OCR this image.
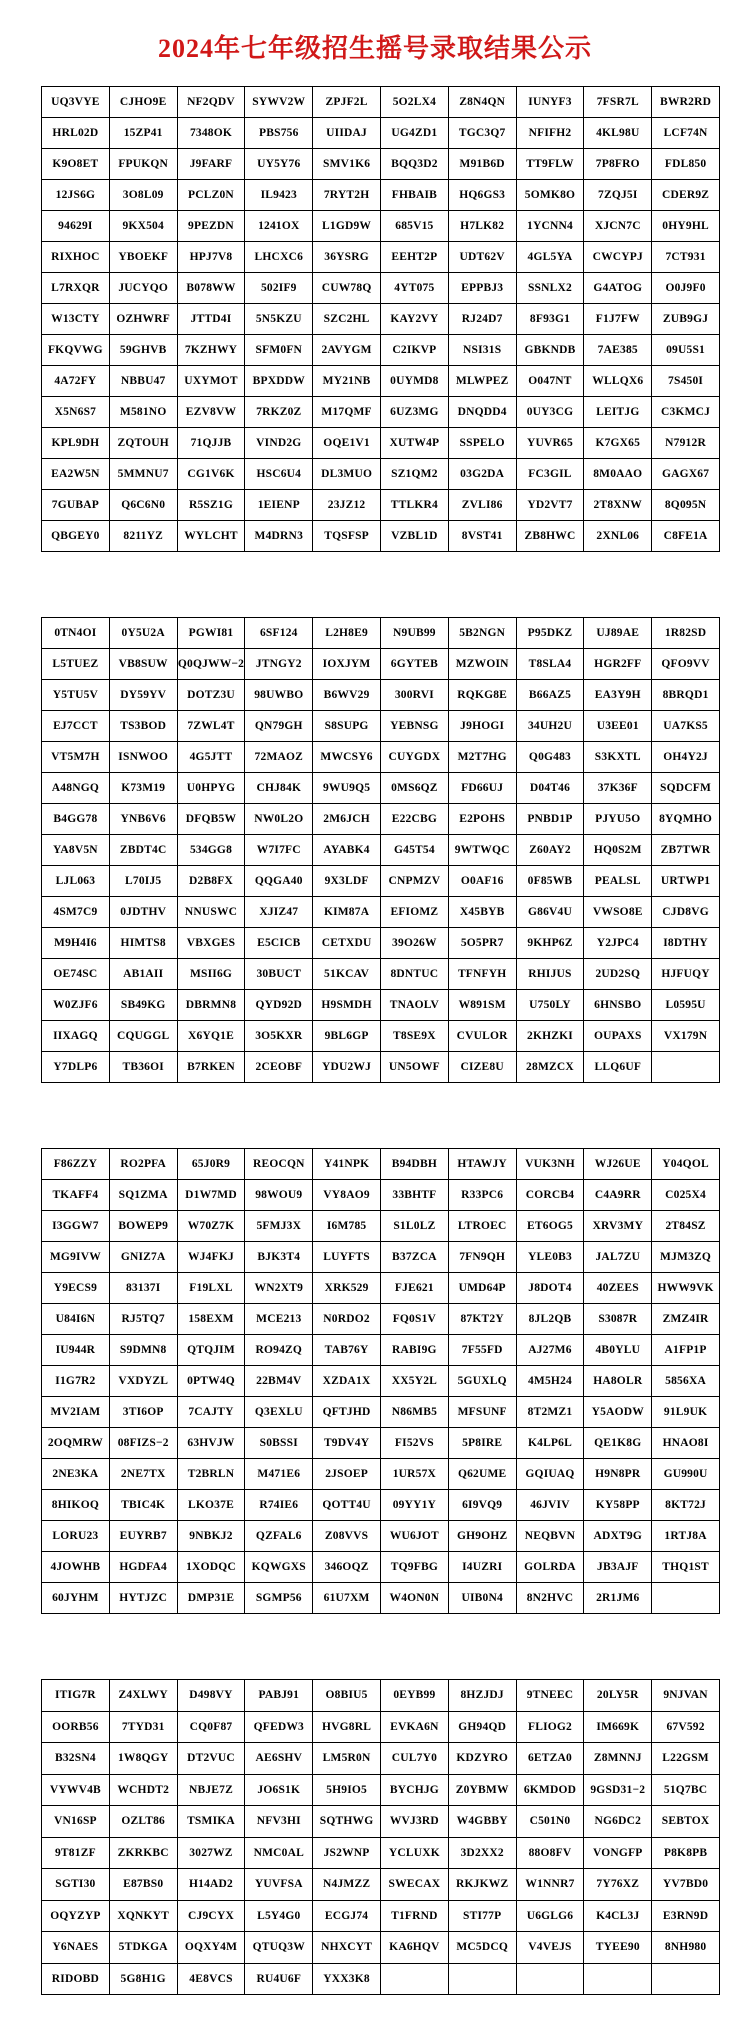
2024年七年级招生摇号录取结果公示
UQ3VYE	CJHO9E	NF2QDV	SYWV2W	ZPJF2L	5O2LX4	Z8N4QN	IUNYF3	7FSR7L	BWR2RD
HRL02D	15ZP41	7348OK	PBS756	UIIDAJ	UG4ZD1	TGC3Q7	NFIFH2	4KL98U	LCF74N
K9O8ET	FPUKQN	J9FARF	UY5Y76	SMV1K6	BQQ3D2	M91B6D	TT9FLW	7P8FRO	FDL850
12JS6G	3O8L09	PCLZ0N	IL9423	7RYT2H	FHBAIB	HQ6GS3	5OMK8O	7ZQJ5I	CDER9Z
94629I	9KX504	9PEZDN	1241OX	L1GD9W	685V15	H7LK82	1YCNN4	XJCN7C	0HY9HL
RIXHOC	YBOEKF	HPJ7V8	LHCXC6	36YSRG	EEHT2P	UDT62V	4GL5YA	CWCYPJ	7CT931
L7RXQR	JUCYQO	B078WW	502IF9	CUW78Q	4YT075	EPPBJ3	SSNLX2	G4ATOG	O0J9F0
W13CTY	OZHWRF	JTTD4I	5N5KZU	SZC2HL	KAY2VY	RJ24D7	8F93G1	F1J7FW	ZUB9GJ
FKQVWG	59GHVB	7KZHWY	SFM0FN	2AVYGM	C2IKVP	NSI31S	GBKNDB	7AE385	09U5S1
4A72FY	NBBU47	UXYMOT	BPXDDW	MY21NB	0UYMD8	MLWPEZ	O047NT	WLLQX6	7S450I
X5N6S7	M581NO	EZV8VW	7RKZ0Z	M17QMF	6UZ3MG	DNQDD4	0UY3CG	LEITJG	C3KMCJ
KPL9DH	ZQTOUH	71QJJB	VIND2G	OQE1V1	XUTW4P	SSPELO	YUVR65	K7GX65	N7912R
EA2W5N	5MMNU7	CG1V6K	HSC6U4	DL3MUO	SZ1QM2	03G2DA	FC3GIL	8M0AAO	GAGX67
7GUBAP	Q6C6N0	R5SZ1G	1EIENP	23JZ12	TTLKR4	ZVLI86	YD2VT7	2T8XNW	8Q095N
QBGEY0	8211YZ	WYLCHT	M4DRN3	TQSFSP	VZBL1D	8VST41	ZB8HWC	2XNL06	C8FE1A
0TN4OI	0Y5U2A	PGWI81	6SF124	L2H8E9	N9UB99	5B2NGN	P95DKZ	UJ89AE	1R82SD
L5TUEZ	VB8SUW	Q0QJWW−2	JTNGY2	IOXJYM	6GYTEB	MZWOIN	T8SLA4	HGR2FF	QFO9VV
Y5TU5V	DY59YV	DOTZ3U	98UWBO	B6WV29	300RVI	RQKG8E	B66AZ5	EA3Y9H	8BRQD1
EJ7CCT	TS3BOD	7ZWL4T	QN79GH	S8SUPG	YEBNSG	J9HOGI	34UH2U	U3EE01	UA7KS5
VT5M7H	ISNWOO	4G5JTT	72MAOZ	MWCSY6	CUYGDX	M2T7HG	Q0G483	S3KXTL	OH4Y2J
A48NGQ	K73M19	U0HPYG	CHJ84K	9WU9Q5	0MS6QZ	FD66UJ	D04T46	37K36F	SQDCFM
B4GG78	YNB6V6	DFQB5W	NW0L2O	2M6JCH	E22CBG	E2POHS	PNBD1P	PJYU5O	8YQMHO
YA8V5N	ZBDT4C	534GG8	W7I7FC	AYABK4	G45T54	9WTWQC	Z60AY2	HQ0S2M	ZB7TWR
LJL063	L70IJ5	D2B8FX	QQGA40	9X3LDF	CNPMZV	O0AF16	0F85WB	PEALSL	URTWP1
4SM7C9	0JDTHV	NNUSWC	XJIZ47	KIM87A	EFIOMZ	X45BYB	G86V4U	VWSO8E	CJD8VG
M9H4I6	HIMTS8	VBXGES	E5CICB	CETXDU	39O26W	5O5PR7	9KHP6Z	Y2JPC4	I8DTHY
OE74SC	AB1AII	MSII6G	30BUCT	51KCAV	8DNTUC	TFNFYH	RHIJUS	2UD2SQ	HJFUQY
W0ZJF6	SB49KG	DBRMN8	QYD92D	H9SMDH	TNAOLV	W891SM	U750LY	6HNSBO	L0595U
IIXAGQ	CQUGGL	X6YQ1E	3O5KXR	9BL6GP	T8SE9X	CVULOR	2KHZKI	OUPAXS	VX179N
Y7DLP6	TB36OI	B7RKEN	2CEOBF	YDU2WJ	UN5OWF	CIZE8U	28MZCX	LLQ6UF	
F86ZZY	RO2PFA	65J0R9	REOCQN	Y41NPK	B94DBH	HTAWJY	VUK3NH	WJ26UE	Y04QOL
TKAFF4	SQ1ZMA	D1W7MD	98WOU9	VY8AO9	33BHTF	R33PC6	CORCB4	C4A9RR	C025X4
I3GGW7	BOWEP9	W70Z7K	5FMJ3X	I6M785	S1L0LZ	LTROEC	ET6OG5	XRV3MY	2T84SZ
MG9IVW	GNIZ7A	WJ4FKJ	BJK3T4	LUYFTS	B37ZCA	7FN9QH	YLE0B3	JAL7ZU	MJM3ZQ
Y9ECS9	83137I	F19LXL	WN2XT9	XRK529	FJE621	UMD64P	J8DOT4	40ZEES	HWW9VK
U84I6N	RJ5TQ7	158EXM	MCE213	N0RDO2	FQ0S1V	87KT2Y	8JL2QB	S3087R	ZMZ4IR
IU944R	S9DMN8	QTQJIM	RO94ZQ	TAB76Y	RABI9G	7F55FD	AJ27M6	4B0YLU	A1FP1P
I1G7R2	VXDYZL	0PTW4Q	22BM4V	XZDA1X	XX5Y2L	5GUXLQ	4M5H24	HA8OLR	5856XA
MV2IAM	3TI6OP	7CAJTY	Q3EXLU	QFTJHD	N86MB5	MFSUNF	8T2MZ1	Y5AODW	91L9UK
2OQMRW	08FIZS−2	63HVJW	S0BSSI	T9DV4Y	FI52VS	5P8IRE	K4LP6L	QE1K8G	HNAO8I
2NE3KA	2NE7TX	T2BRLN	M471E6	2JSOEP	1UR57X	Q62UME	GQIUAQ	H9N8PR	GU990U
8HIKOQ	TBIC4K	LKO37E	R74IE6	QOTT4U	09YY1Y	6I9VQ9	46JVIV	KY58PP	8KT72J
LORU23	EUYRB7	9NBKJ2	QZFAL6	Z08VVS	WU6JOT	GH9OHZ	NEQBVN	ADXT9G	1RTJ8A
4JOWHB	HGDFA4	1XODQC	KQWGXS	346OQZ	TQ9FBG	I4UZRI	GOLRDA	JB3AJF	THQ1ST
60JYHM	HYTJZC	DMP31E	SGMP56	61U7XM	W4ON0N	UIB0N4	8N2HVC	2R1JM6	
ITIG7R	Z4XLWY	D498VY	PABJ91	O8BIU5	0EYB99	8HZJDJ	9TNEEC	20LY5R	9NJVAN
OORB56	7TYD31	CQ0F87	QFEDW3	HVG8RL	EVKA6N	GH94QD	FLIOG2	IM669K	67V592
B32SN4	1W8QGY	DT2VUC	AE6SHV	LM5R0N	CUL7Y0	KDZYRO	6ETZA0	Z8MNNJ	L22GSM
VYWV4B	WCHDT2	NBJE7Z	JO6S1K	5H9IO5	BYCHJG	Z0YBMW	6KMDOD	9GSD31−2	51Q7BC
VN16SP	OZLT86	TSMIKA	NFV3HI	SQTHWG	WVJ3RD	W4GBBY	C501N0	NG6DC2	SEBTOX
9T81ZF	ZKRKBC	3027WZ	NMC0AL	JS2WNP	YCLUXK	3D2XX2	88O8FV	VONGFP	P8K8PB
SGTI30	E87BS0	H14AD2	YUVFSA	N4JMZZ	SWECAX	RKJKWZ	W1NNR7	7Y76XZ	YV7BD0
OQYZYP	XQNKYT	CJ9CYX	L5Y4G0	ECGJ74	T1FRND	STI77P	U6GLG6	K4CL3J	E3RN9D
Y6NAES	5TDKGA	OQXY4M	QTUQ3W	NHXCYT	KA6HQV	MC5DCQ	V4VEJS	TYEE90	8NH980
RIDOBD	5G8H1G	4E8VCS	RU4U6F	YXX3K8					
